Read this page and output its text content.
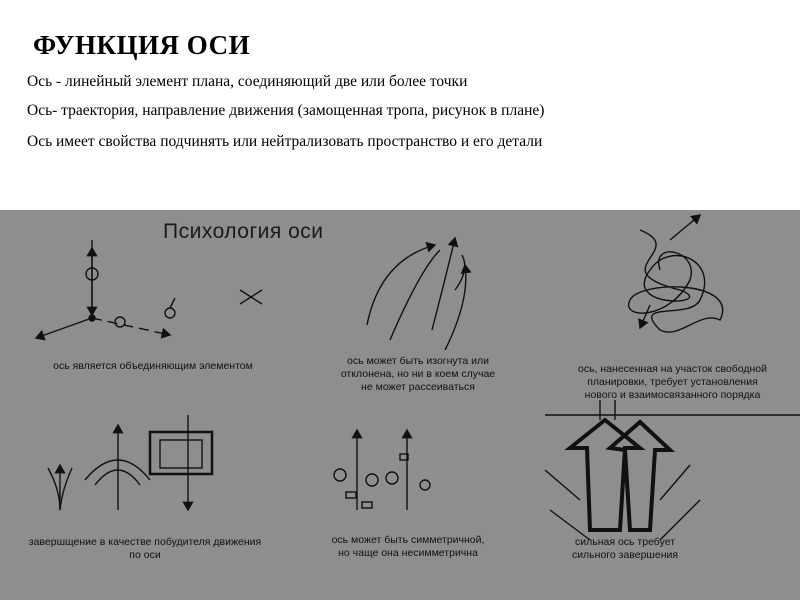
ФУНКЦИЯ ОСИ
Ось - линейный элемент плана, соединяющий две или более точки
Ось- траектория, направление движения (замощенная тропа, рисунок в плане)
Ось имеет свойства подчинять или нейтрализовать пространство и его детали
Психология оси
ось является объединяющим элементом	ось может быть изогнута или
отклонена, но ни в коем случае
не может рассеиваться
ось, нанесенная на участок свободной
планировки, требует установления
нового и взаимосвязанного порядка
завершщение в качестве побудителя движения
по оси
ось может быть симметричной,
но чаще она несимметрична
сильная ось требует
сильного завершения
